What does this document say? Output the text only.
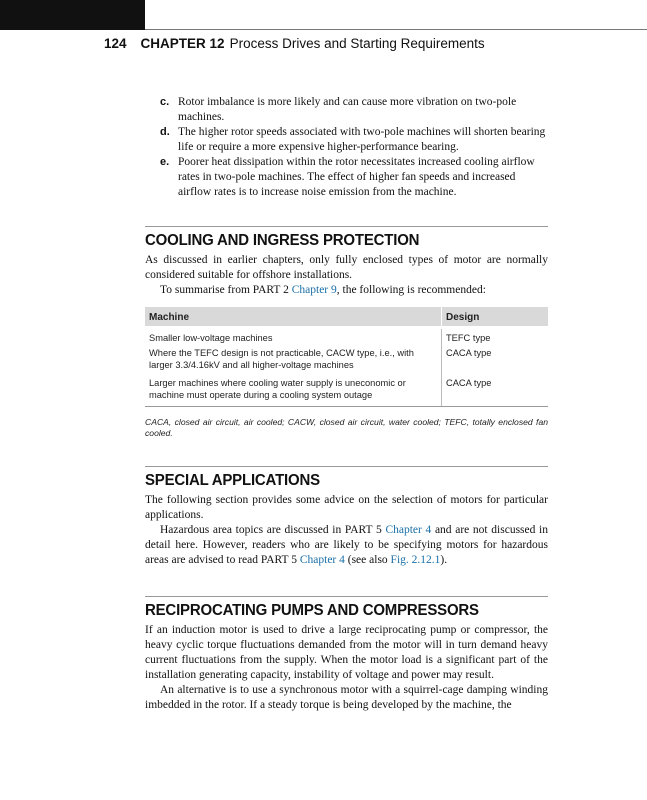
124 CHAPTER 12 Process Drives and Starting Requirements
c. Rotor imbalance is more likely and can cause more vibration on two-pole machines.
d. The higher rotor speeds associated with two-pole machines will shorten bearing life or require a more expensive higher-performance bearing.
e. Poorer heat dissipation within the rotor necessitates increased cooling airflow rates in two-pole machines. The effect of higher fan speeds and increased airflow rates is to increase noise emission from the machine.
COOLING AND INGRESS PROTECTION

As discussed in earlier chapters, only fully enclosed types of motor are normally considered suitable for offshore installations.

To summarise from PART 2 Chapter 9, the following is recommended:

Machine	Design
Smaller low-voltage machines	TEFC type
Where the TEFC design is not practicable, CACW type, i.e., with larger 3.3/4.16kV and all higher-voltage machines
CACA type
Larger machines where cooling water supply is uneconomic or machine must operate during a cooling system outage
CACA type
CACA, closed air circuit, air cooled; CACW, closed air circuit, water cooled; TEFC, totally enclosed fan cooled.
SPECIAL APPLICATIONS

The following section provides some advice on the selection of motors for particular applications.

Hazardous area topics are discussed in PART 5 Chapter 4 and are not discussed in detail here. However, readers who are likely to be specifying motors for hazardous areas are advised to read PART 5 Chapter 4 (see also Fig. 2.12.1).

RECIPROCATING PUMPS AND COMPRESSORS

If an induction motor is used to drive a large reciprocating pump or compressor, the heavy cyclic torque fluctuations demanded from the motor will in turn demand heavy current fluctuations from the supply. When the motor load is a significant part of the installation generating capacity, instability of voltage and power may result.

An alternative is to use a synchronous motor with a squirrel-cage damping winding imbedded in the rotor. If a steady torque is being developed by the machine, the
